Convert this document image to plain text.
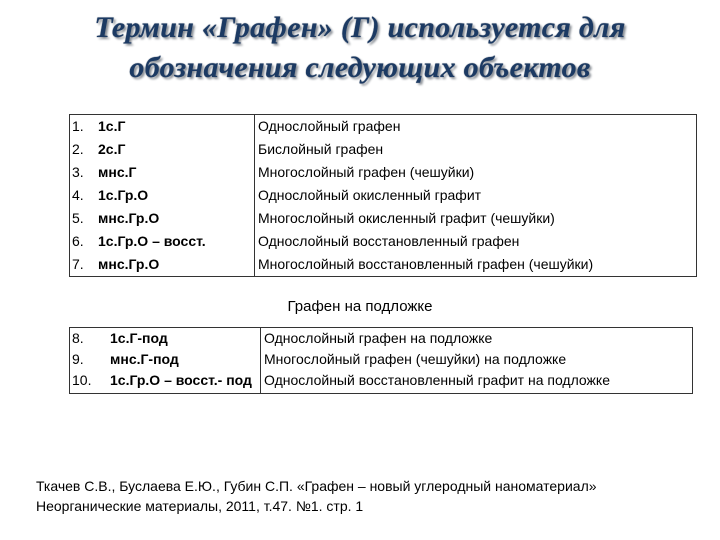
Термин «Графен» (Г) используется для
обозначения следующих объектов
1.	1с.Г	Однослойный графен
2.	2с.Г	Бислойный графен
3.	мнс.Г	Многослойный графен (чешуйки)
4.	1с.Гр.О	Однослойный окисленный графит
5.	мнс.Гр.О	Многослойный окисленный графит (чешуйки)
6.	1с.Гр.О – восст.	Однослойный восстановленный графен
7.	мнс.Гр.О	Многослойный восстановленный графен (чешуйки)
Графен на подложке
8.	1с.Г-под	Однослойный графен на подложке
9.	мнс.Г-под	Многослойный графен (чешуйки) на подложке
10.	1с.Гр.О – восст.- под	Однослойный восстановленный графит на подложке
Ткачев С.В., Буслаева Е.Ю., Губин С.П. «Графен – новый углеродный наноматериал»
Неорганические материалы, 2011, т.47. №1. стр. 1
